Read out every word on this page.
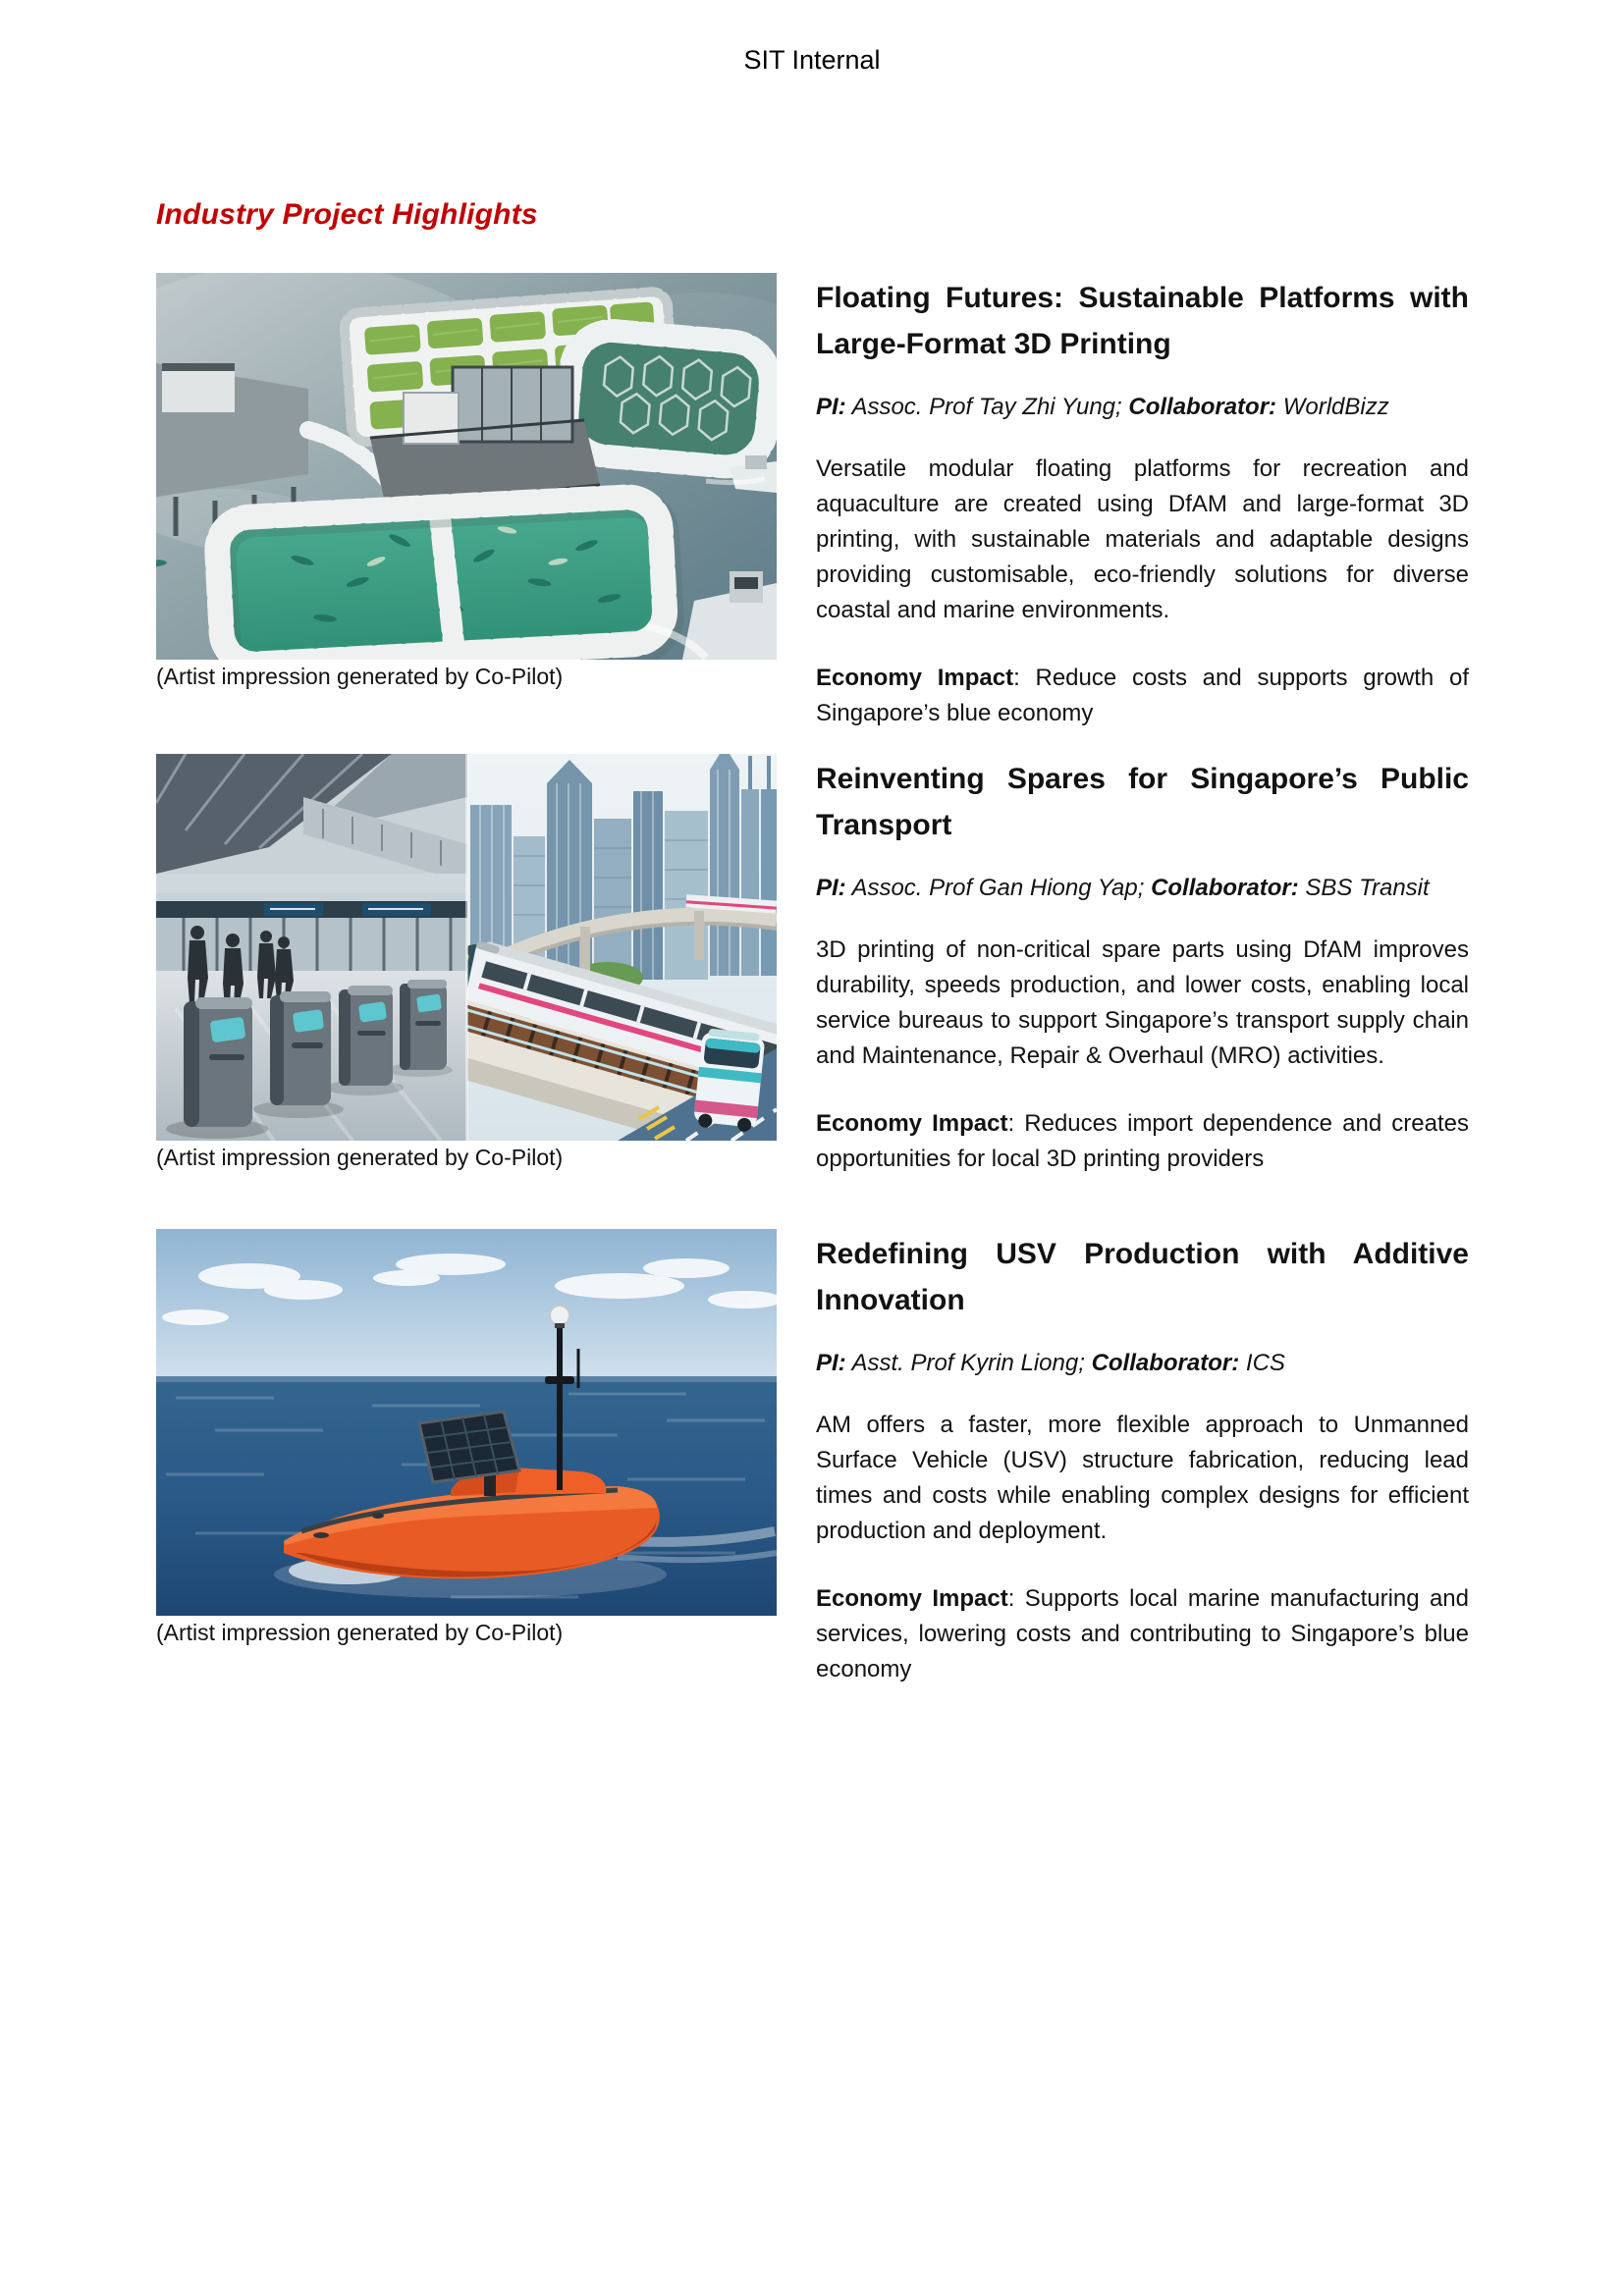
SIT Internal
Industry Project Highlights
(Artist impression generated by Co-Pilot)
Floating Futures: Sustainable Platforms with Large-Format 3D Printing

PI: Assoc. Prof Tay Zhi Yung; Collaborator: WorldBizz

Versatile modular floating platforms for recreation and aquaculture are created using DfAM and large-format 3D printing, with sustainable materials and adaptable designs providing customisable, eco-friendly solutions for diverse coastal and marine environments.

Economy Impact: Reduce costs and supports growth of Singapore’s blue economy

(Artist impression generated by Co-Pilot)
Reinventing Spares for Singapore’s Public Transport

PI: Assoc. Prof Gan Hiong Yap; Collaborator: SBS Transit

3D printing of non-critical spare parts using DfAM improves durability, speeds production, and lower costs, enabling local service bureaus to support Singapore’s transport supply chain and Maintenance, Repair & Overhaul (MRO) activities.

Economy Impact: Reduces import dependence and creates opportunities for local 3D printing providers

(Artist impression generated by Co-Pilot)
Redefining USV Production with Additive Innovation

PI: Asst. Prof Kyrin Liong; Collaborator: ICS

AM offers a faster, more flexible approach to Unmanned Surface Vehicle (USV) structure fabrication, reducing lead times and costs while enabling complex designs for efficient production and deployment.

Economy Impact: Supports local marine manufacturing and services, lowering costs and contributing to Singapore’s blue economy
